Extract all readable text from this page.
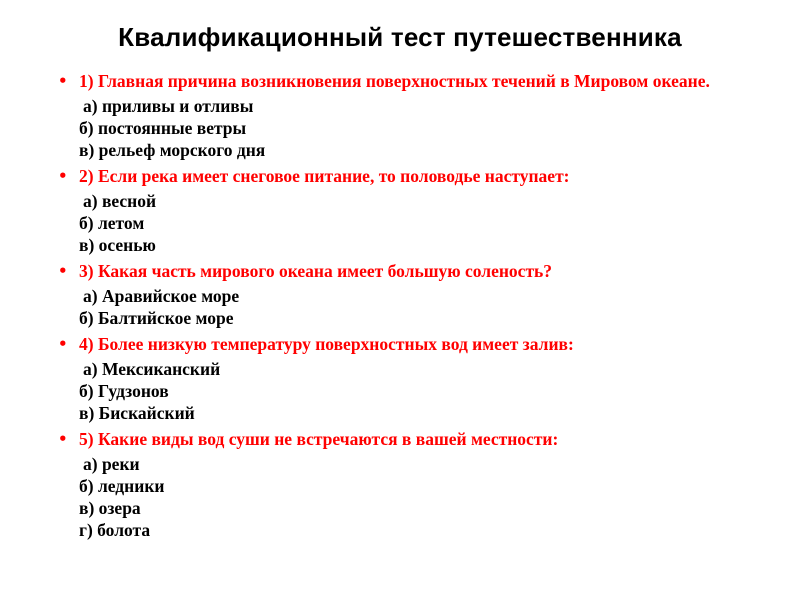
Квалификационный тест путешественника

• 1) Главная причина возникновения поверхностных течений в Мировом океане.

а) приливы и отливы
б) постоянные ветры
в) рельеф морского дня

• 2) Если река имеет снеговое питание, то половодье наступает:

а) весной
б) летом
в) осенью

• 3) Какая часть мирового океана имеет большую соленость?

а) Аравийское море
б) Балтийское море

• 4) Более низкую температуру поверхностных вод имеет залив:

а) Мексиканский
б) Гудзонов
в) Бискайский

• 5) Какие виды вод суши не встречаются в вашей местности:

а) реки
б) ледники
в) озера
г) болота
